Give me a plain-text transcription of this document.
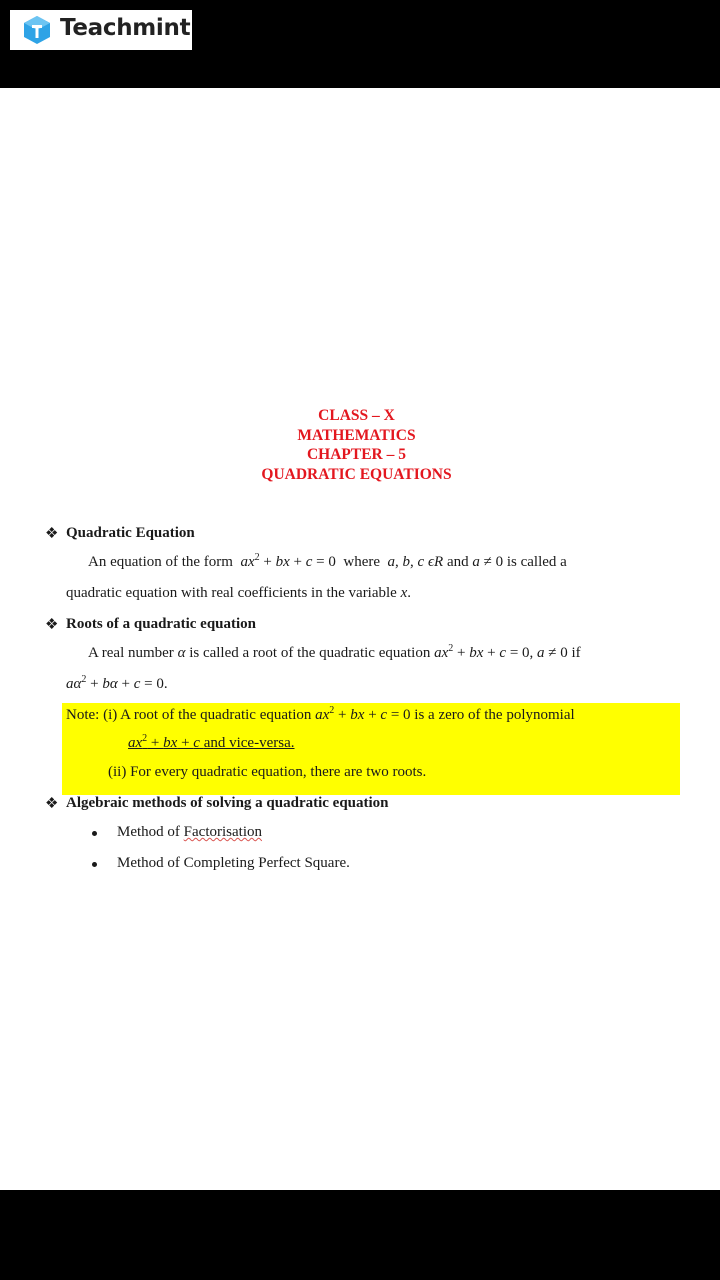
Teachmint
CLASS – X
MATHEMATICS
CHAPTER – 5
QUADRATIC EQUATIONS
❖ Quadratic Equation
An equation of the form $ax^2$ + bx + c = 0  where a, b, c ϵR and a ≠ 0 is called a
quadratic equation with real coefficients in the variable x.
❖ Roots of a quadratic equation
A real number α is called a root of the quadratic equation $ax^2$ + bx + c = 0, a ≠ 0 if
$a\alpha^2 + b\alpha + c = 0$.
Note: (i) A root of the quadratic equation $ax^2$ + bx + c = 0 is a zero of the polynomial
$ax^2$ + bx + c and vice-versa.
(ii) For every quadratic equation, there are two roots.
❖ Algebraic methods of solving a quadratic equation
Method of Factorisation
Method of Completing Perfect Square.
